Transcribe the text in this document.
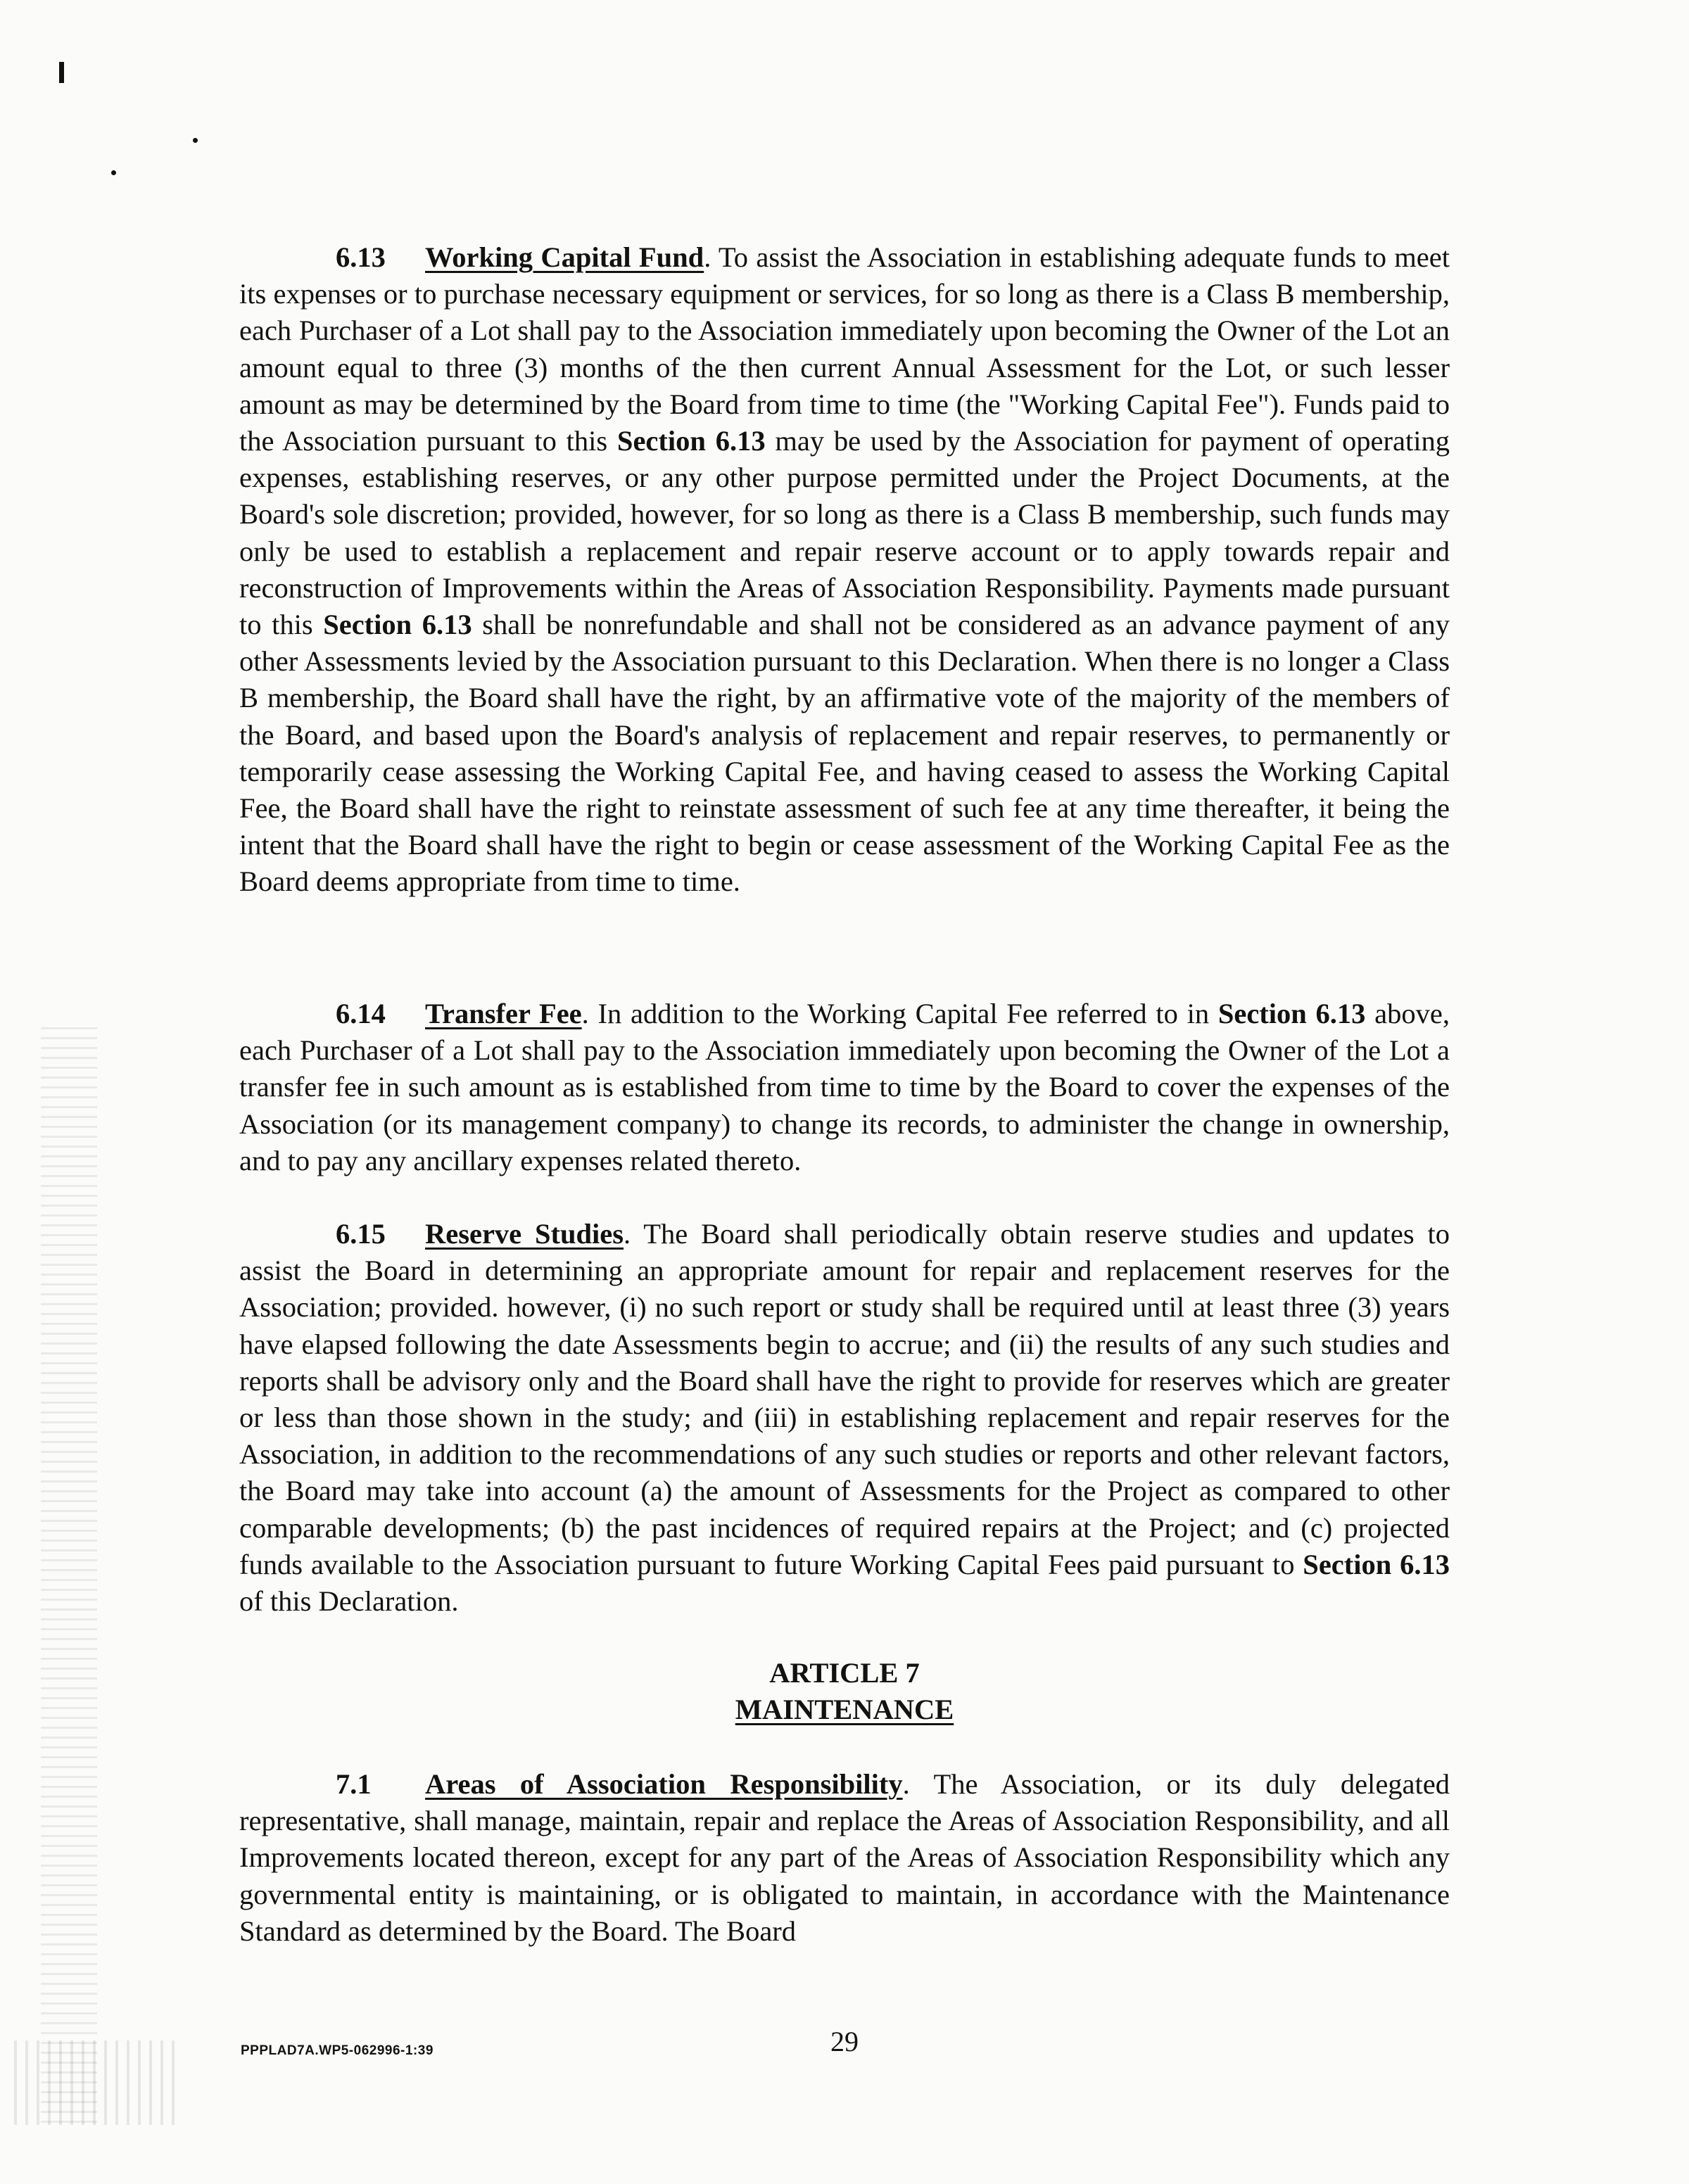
6.13 Working Capital Fund. To assist the Association in establishing adequate funds to meet its expenses or to purchase necessary equipment or services, for so long as there is a Class B membership, each Purchaser of a Lot shall pay to the Association immediately upon becoming the Owner of the Lot an amount equal to three (3) months of the then current Annual Assessment for the Lot, or such lesser amount as may be determined by the Board from time to time (the "Working Capital Fee"). Funds paid to the Association pursuant to this Section 6.13 may be used by the Association for payment of operating expenses, establishing reserves, or any other purpose permitted under the Project Documents, at the Board's sole discretion; provided, however, for so long as there is a Class B membership, such funds may only be used to establish a replacement and repair reserve account or to apply towards repair and reconstruction of Improvements within the Areas of Association Responsibility. Payments made pursuant to this Section 6.13 shall be nonrefundable and shall not be considered as an advance payment of any other Assessments levied by the Association pursuant to this Declaration. When there is no longer a Class B membership, the Board shall have the right, by an affirmative vote of the majority of the members of the Board, and based upon the Board's analysis of replacement and repair reserves, to permanently or temporarily cease assessing the Working Capital Fee, and having ceased to assess the Working Capital Fee, the Board shall have the right to reinstate assessment of such fee at any time thereafter, it being the intent that the Board shall have the right to begin or cease assessment of the Working Capital Fee as the Board deems appropriate from time to time.

6.14 Transfer Fee. In addition to the Working Capital Fee referred to in Section 6.13 above, each Purchaser of a Lot shall pay to the Association immediately upon becoming the Owner of the Lot a transfer fee in such amount as is established from time to time by the Board to cover the expenses of the Association (or its management company) to change its records, to administer the change in ownership, and to pay any ancillary expenses related thereto.

6.15 Reserve Studies. The Board shall periodically obtain reserve studies and updates to assist the Board in determining an appropriate amount for repair and replacement reserves for the Association; provided. however, (i) no such report or study shall be required until at least three (3) years have elapsed following the date Assessments begin to accrue; and (ii) the results of any such studies and reports shall be advisory only and the Board shall have the right to provide for reserves which are greater or less than those shown in the study; and (iii) in establishing replacement and repair reserves for the Association, in addition to the recommendations of any such studies or reports and other relevant factors, the Board may take into account (a) the amount of Assessments for the Project as compared to other comparable developments; (b) the past incidences of required repairs at the Project; and (c) projected funds available to the Association pursuant to future Working Capital Fees paid pursuant to Section 6.13 of this Declaration.

ARTICLE 7
MAINTENANCE

7.1 Areas of Association Responsibility. The Association, or its duly delegated representative, shall manage, maintain, repair and replace the Areas of Association Responsibility, and all Improvements located thereon, except for any part of the Areas of Association Responsibility which any governmental entity is maintaining, or is obligated to maintain, in accordance with the Maintenance Standard as determined by the Board. The Board

PPPLAD7A.WP5-062996-1:39	29
